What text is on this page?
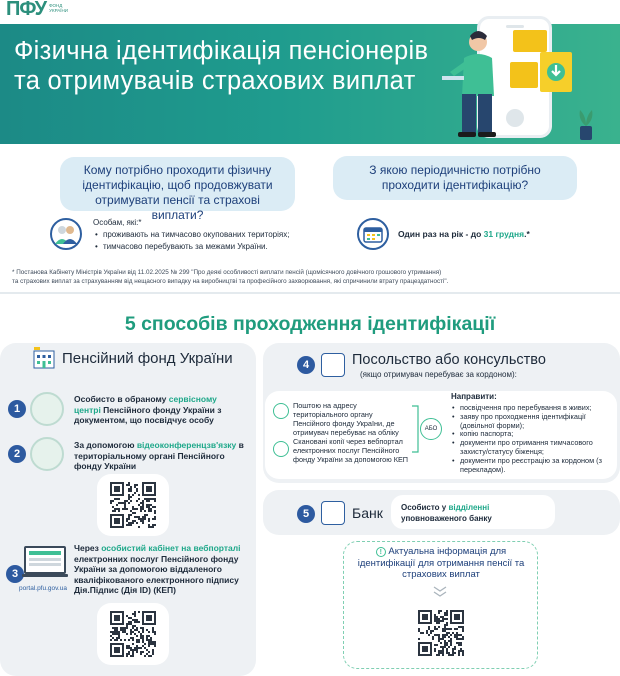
ПФУ ФОНД УКРАЇНИ
Фізична ідентифікація пенсіонерів та отримувачів страхових виплат
Кому потрібно проходити фізичну ідентифікацію, щоб продовжувати отримувати пенсії та страхові виплати?
Особам, які:*
• проживають на тимчасово окупованих територіях;
• тимчасово перебувають за межами України.
З якою періодичністю потрібно проходити ідентифікацію?
Один раз на рік - до 31 грудня.*
* Постанова Кабінету Міністрів України від 11.02.2025 № 299 "Про деякі особливості виплати пенсій (щомісячного довічного грошового утримання)
та страхових виплат за страхуванням від нещасного випадку на виробництві та професійного захворювання, які спричинили втрату працездатності".
5 способів проходження ідентифікації
Пенсійний фонд України
1
Особисто в обраному сервісному центрі Пенсійного фонду України з документом, що посвідчує особу
2
За допомогою відеоконференцзв'язку в територіальному органі Пенсійного фонду України
3
portal.pfu.gov.ua
Через особистий кабінет на вебпорталі електронних послуг Пенсійного фонду України за допомогою віддаленого кваліфікованого електронного підпису Дія.Підпис (Дія ID) (КЕП)
4	Посольство або консульство
(якщо отримувач перебуває за кордоном):
Поштою на адресу територіального органу Пенсійного фонду України, де отримувач перебуває на обліку
Скановані копії через вебпортал електронних послуг Пенсійного фонду України за допомогою КЕП
АБО
Направити:
• посвідчення про перебування в живих;
• заяву про проходження ідентифікації (довільної форми);
• копію паспорта;
• документи про отримання тимчасового захисту/статусу біженця;
• документи про реєстрацію за кордоном (з перекладом).
5	Банк Особисто у відділенні уповноваженого банку
! Актуальна інформація для ідентифікації для отримання пенсії та страхових виплат
